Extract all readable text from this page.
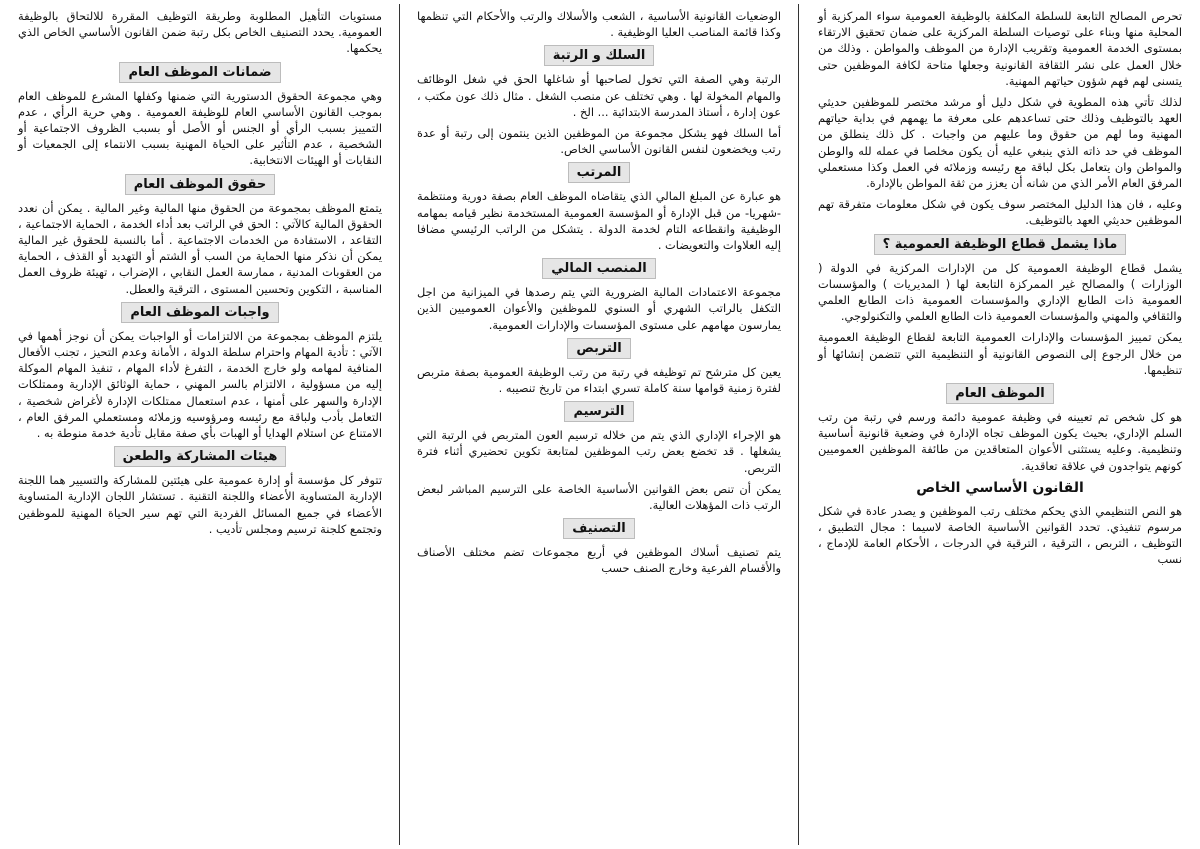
تحرص المصالح التابعة للسلطة المكلفة بالوظيفة العمومية سواء المركزية أو المحلية منها وبناء على توصيات السلطة المركزية على ضمان تحقيق الارتقاء بمستوى الخدمة العمومية وتقريب الإدارة من الموظف والمواطن . وذلك من خلال العمل على نشر الثقافة القانونية وجعلها متاحة لكافة الموظفين حتى يتسنى لهم فهم شؤون حياتهم المهنية.

لذلك تأتي هذه المطوية في شكل دليل أو مرشد مختصر للموظفين حديثي العهد بالتوظيف وذلك حتى تساعدهم على معرفة ما يهمهم في بداية حياتهم المهنية وما لهم من حقوق وما عليهم من واجبات . كل ذلك ينطلق من الموظف في حد ذاته الذي ينبغي عليه أن يكون مخلصا في عمله لله والوطن والمواطن وان يتعامل بكل لباقة مع رئيسه وزملائه في العمل وكذا مستعملي المرفق العام الأمر الذي من شانه أن يعزز من ثقة المواطن بالإدارة.

وعليه ، فان هذا الدليل المختصر سوف يكون في شكل معلومات متفرقة تهم الموظفين حديثي العهد بالتوظيف.

ماذا يشمل قطاع الوظيفة العمومية ؟

يشمل قطاع الوظيفة العمومية كل من الإدارات المركزية في الدولة ( الوزارات ) والمصالح غير الممركزة التابعة لها ( المديريات ) والمؤسسات العمومية ذات الطابع الإداري والمؤسسات العمومية ذات الطابع العلمي والثقافي والمهني والمؤسسات العمومية ذات الطابع العلمي والتكنولوجي.

يمكن تمييز المؤسسات والإدارات العمومية التابعة لقطاع الوظيفة العمومية من خلال الرجوع إلى النصوص القانونية أو التنظيمية التي تتضمن إنشائها أو تنظيمها.

الموظف العام

هو كل شخص تم تعيينه في وظيفة عمومية دائمة ورسم في رتبة من رتب السلم الإداري، بحيث يكون الموظف تجاه الإدارة في وضعية قانونية أساسية وتنظيمية. وعليه يستثنى الأعوان المتعاقدين من طائفة الموظفين العموميين كونهم يتواجدون في علاقة تعاقدية.

القانون الأساسي الخاص

هو النص التنظيمي الذي يحكم مختلف رتب الموظفين و يصدر عادة في شكل مرسوم تنفيذي. تحدد القوانين الأساسية الخاصة لاسيما : مجال التطبيق ، التوظيف ، التربص ، الترقية ، الترقية في الدرجات ، الأحكام العامة للإدماج ، نسب

الوضعيات القانونية الأساسية ، الشعب والأسلاك والرتب والأحكام التي تنظمها وكذا قائمة المناصب العليا الوظيفية .

السلك و الرتبة

الرتبة وهي الصفة التي تخول لصاحبها أو شاغلها الحق في شغل الوظائف والمهام المخولة لها . وهي تختلف عن منصب الشغل . مثال ذلك عون مكتب ، عون إدارة ، أستاذ المدرسة الابتدائية ... الخ .

أما السلك فهو يشكل مجموعة من الموظفين الذين ينتمون إلى رتبة أو عدة رتب ويخضعون لنفس القانون الأساسي الخاص.

المرتب

هو عبارة عن المبلغ المالي الذي يتقاضاه الموظف العام بصفة دورية ومنتظمة -شهريا- من قبل الإدارة أو المؤسسة العمومية المستخدمة نظير قيامه بمهامه الوظيفية وانقطاعه التام لخدمة الدولة . يتشكل من الراتب الرئيسي مضافا إليه العلاوات والتعويضات .

المنصب المالي

مجموعة الاعتمادات المالية الضرورية التي يتم رصدها في الميزانية من اجل التكفل بالراتب الشهري أو السنوي للموظفين والأعوان العموميين الذين يمارسون مهامهم على مستوى المؤسسات والإدارات العمومية.

التربص

يعين كل مترشح تم توظيفه في رتبة من رتب الوظيفة العمومية بصفة متربص لفترة زمنية قوامها سنة كاملة تسري ابتداء من تاريخ تنصيبه .

الترسيم

هو الإجراء الإداري الذي يتم من خلاله ترسيم العون المتربص في الرتبة التي يشغلها . قد تخضع بعض رتب الموظفين لمتابعة تكوين تحضيري أثناء فترة التربص.

يمكن أن تنص بعض القوانين الأساسية الخاصة على الترسيم المباشر لبعض الرتب ذات المؤهلات العالية.

التصنيف

يتم تصنيف أسلاك الموظفين في أربع مجموعات تضم مختلف الأصناف والأقسام الفرعية وخارج الصنف حسب

مستويات التأهيل المطلوبة وطريقة التوظيف المقررة للالتحاق بالوظيفة العمومية. يحدد التصنيف الخاص بكل رتبة ضمن القانون الأساسي الخاص الذي يحكمها.

ضمانات الموظف العام

وهي مجموعة الحقوق الدستورية التي ضمنها وكفلها المشرع للموظف العام بموجب القانون الأساسي العام للوظيفة العمومية . وهي حرية الرأي ، عدم التمييز بسبب الرأي أو الجنس أو الأصل أو بسبب الظروف الاجتماعية أو الشخصية ، عدم التأثير على الحياة المهنية بسبب الانتماء إلى الجمعيات أو النقابات أو الهيئات الانتخابية.

حقوق الموظف العام

يتمتع الموظف بمجموعة من الحقوق منها المالية وغير المالية . يمكن أن نعدد الحقوق المالية كالآتي : الحق في الراتب بعد أداء الخدمة ، الحماية الاجتماعية ، التقاعد ، الاستفادة من الخدمات الاجتماعية . أما بالنسبة للحقوق غير المالية يمكن أن نذكر منها الحماية من السب أو الشتم أو التهديد أو القذف ، الحماية من العقوبات المدنية ، ممارسة العمل النقابي ، الإضراب ، تهيئة ظروف العمل المناسبة ، التكوين وتحسين المستوى ، الترقية والعطل.

واجبات الموظف العام

يلتزم الموظف بمجموعة من الالتزامات أو الواجبات يمكن أن نوجز أهمها في الآتي : تأدية المهام واحترام سلطة الدولة ، الأمانة وعدم التحيز ، تجنب الأفعال المنافية لمهامه ولو خارج الخدمة ، التفرغ لأداء المهام ، تنفيذ المهام الموكلة إليه من مسؤولية ، الالتزام بالسر المهني ، حماية الوثائق الإدارية وممتلكات الإدارة والسهر على أمنها ، عدم استعمال ممتلكات الإدارة لأغراض شخصية ، التعامل بأدب ولباقة مع رئيسه ومرؤوسيه وزملائه ومستعملي المرفق العام ، الامتناع عن استلام الهدايا أو الهبات بأي صفة مقابل تأدية خدمة منوطة به .

هيئات المشاركة والطعن

تتوفر كل مؤسسة أو إدارة عمومية على هيئتين للمشاركة والتسيير هما اللجنة الإدارية المتساوية الأعضاء واللجنة التقنية . تستشار اللجان الإدارية المتساوية الأعضاء في جميع المسائل الفردية التي تهم سير الحياة المهنية للموظفين وتجتمع كلجنة ترسيم ومجلس تأديب .
